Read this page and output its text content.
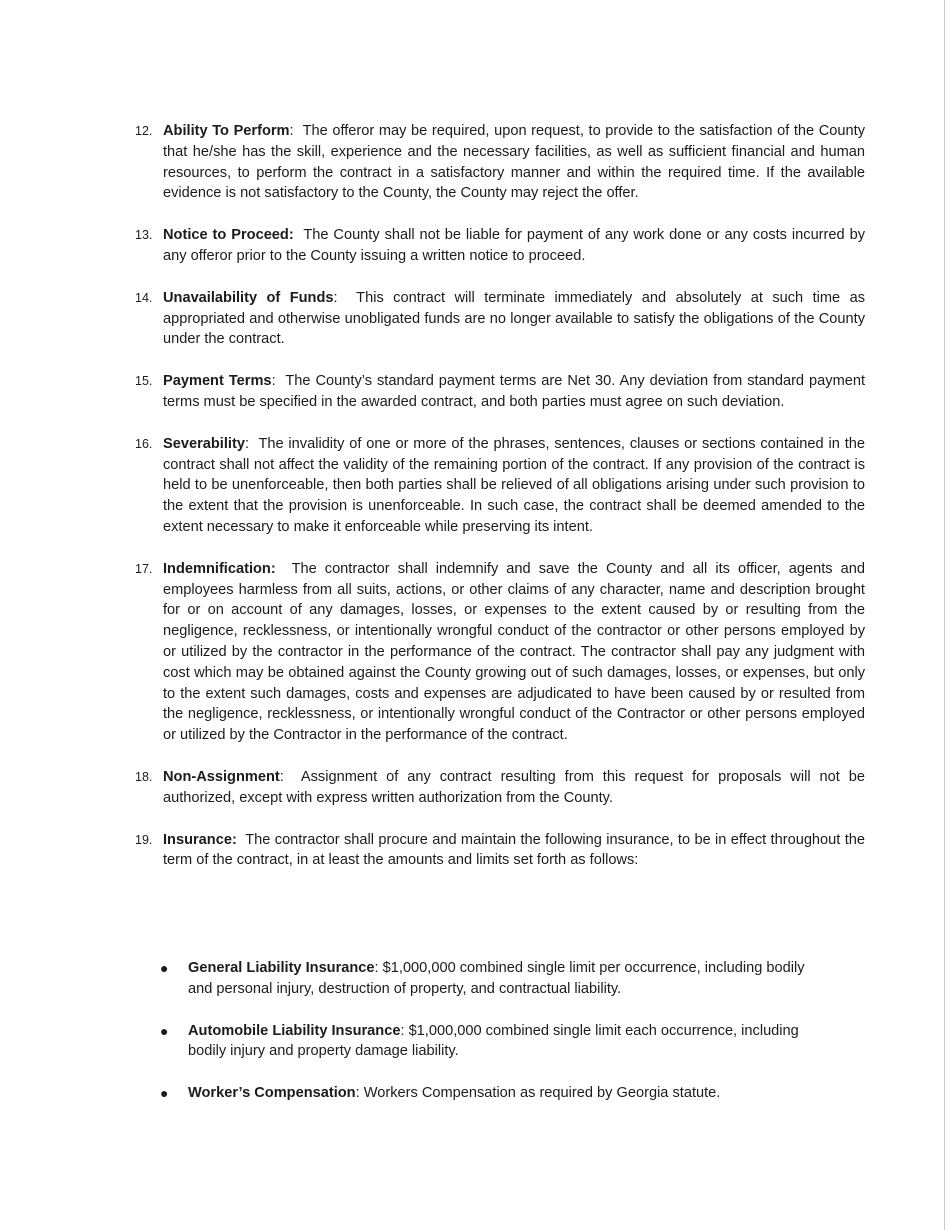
12. Ability To Perform:  The offeror may be required, upon request, to provide to the satisfaction of the County that he/she has the skill, experience and the necessary facilities, as well as sufficient financial and human resources, to perform the contract in a satisfactory manner and within the required time. If the available evidence is not satisfactory to the County, the County may reject the offer.
13. Notice to Proceed: The County shall not be liable for payment of any work done or any costs incurred by any offeror prior to the County issuing a written notice to proceed.
14. Unavailability of Funds:  This contract will terminate immediately and absolutely at such time as appropriated and otherwise unobligated funds are no longer available to satisfy the obligations of the County under the contract.
15. Payment Terms:  The County’s standard payment terms are Net 30. Any deviation from standard payment terms must be specified in the awarded contract, and both parties must agree on such deviation.
16. Severability:  The invalidity of one or more of the phrases, sentences, clauses or sections contained in the contract shall not affect the validity of the remaining portion of the contract. If any provision of the contract is held to be unenforceable, then both parties shall be relieved of all obligations arising under such provision to the extent that the provision is unenforceable. In such case, the contract shall be deemed amended to the extent necessary to make it enforceable while preserving its intent.
17. Indemnification: The contractor shall indemnify and save the County and all its officer, agents and employees harmless from all suits, actions, or other claims of any character, name and description brought for or on account of any damages, losses, or expenses to the extent caused by or resulting from the negligence, recklessness, or intentionally wrongful conduct of the contractor or other persons employed by or utilized by the contractor in the performance of the contract. The contractor shall pay any judgment with cost which may be obtained against the County growing out of such damages, losses, or expenses, but only to the extent such damages, costs and expenses are adjudicated to have been caused by or resulted from the negligence, recklessness, or intentionally wrongful conduct of the Contractor or other persons employed or utilized by the Contractor in the performance of the contract.
18. Non-Assignment:  Assignment of any contract resulting from this request for proposals will not be authorized, except with express written authorization from the County.
19. Insurance: The contractor shall procure and maintain the following insurance, to be in effect throughout the term of the contract, in at least the amounts and limits set forth as follows:
●	General Liability Insurance: $1,000,000 combined single limit per occurrence, including bodily and personal injury, destruction of property, and contractual liability.
●	Automobile Liability Insurance: $1,000,000 combined single limit each occurrence, including bodily injury and property damage liability.
●	Worker’s Compensation: Workers Compensation as required by Georgia statute.
